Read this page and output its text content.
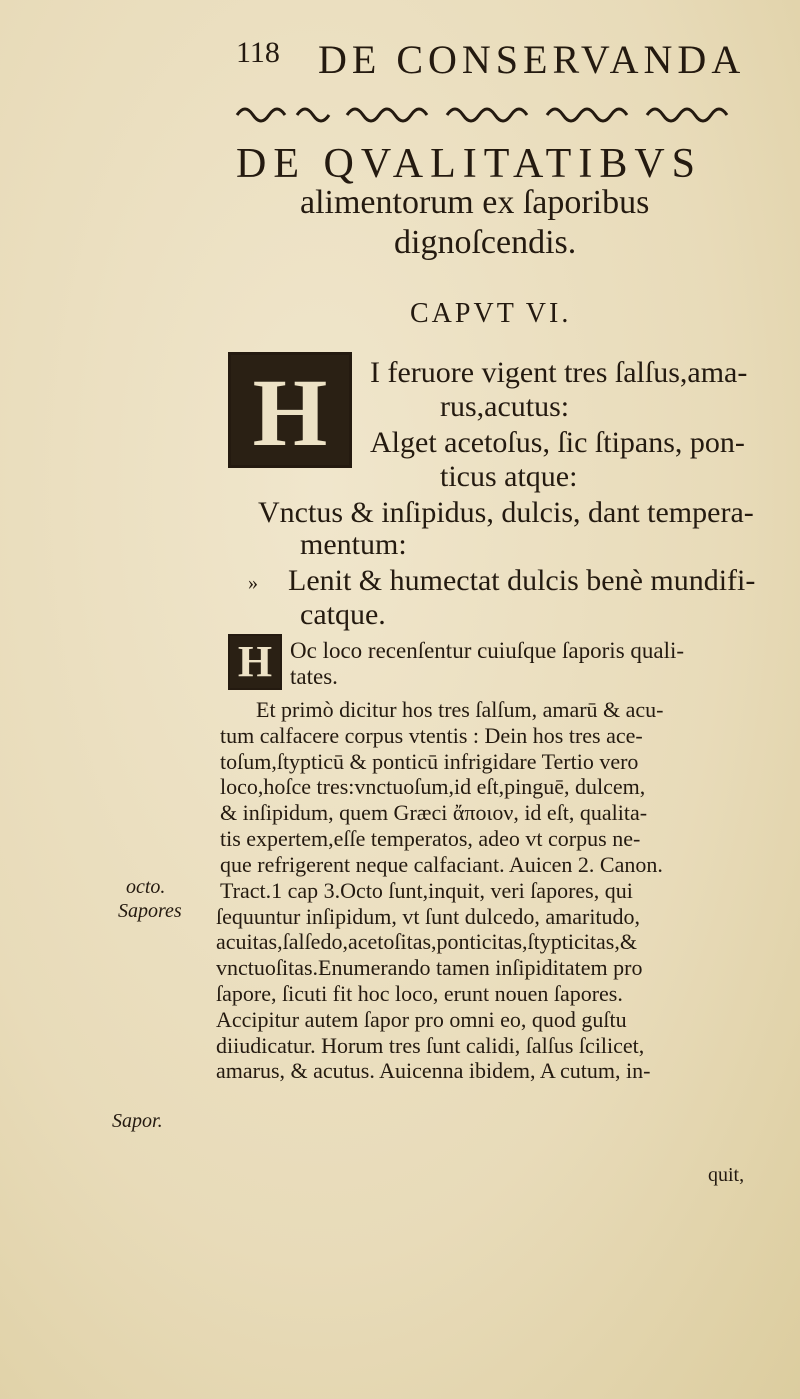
118 DE CONSERVANDA
DE QVALITATIBVS
alimentorum ex ſaporibus
dignoſcendis.
CAPVT VI.
H	I feruore vigent tres ſalſus,ama-
rus,acutus:
Alget acetoſus, ſic ſtipans, pon-
ticus atque:
Vnctus & inſipidus, dulcis, dant tempera-
mentum:
» Lenit & humectat dulcis benè mundifi-
catque.
H Oc loco recenſentur cuiuſque ſaporis quali-
tates.
Et primò dicitur hos tres ſalſum, amarū & acu-
tum calfacere corpus vtentis : Dein hos tres ace-
toſum,ſtypticū & ponticū infrigidare Tertio vero
loco,hoſce tres:vnctuoſum,id eſt,pinguē, dulcem,
& inſipidum, quem Græci ἄποιον, id eſt, qualita-
tis expertem,eſſe temperatos, adeo vt corpus ne-
que refrigerent neque calfaciant. Auicen 2. Canon.
Tract.1 cap 3.Octo ſunt,inquit, veri ſapores, qui
ſequuntur inſipidum, vt ſunt dulcedo, amaritudo,
acuitas,ſalſedo,acetoſitas,ponticitas,ſtypticitas,&
vnctuoſitas.Enumerando tamen inſipiditatem pro
ſapore, ſicuti fit hoc loco, erunt nouen ſapores.
Accipitur autem ſapor pro omni eo, quod guſtu
diiudicatur. Horum tres ſunt calidi, ſalſus ſcilicet,
amarus, & acutus. Auicenna ibidem, A cutum, in-
quit,
octo.
Sapores
Sapor.
